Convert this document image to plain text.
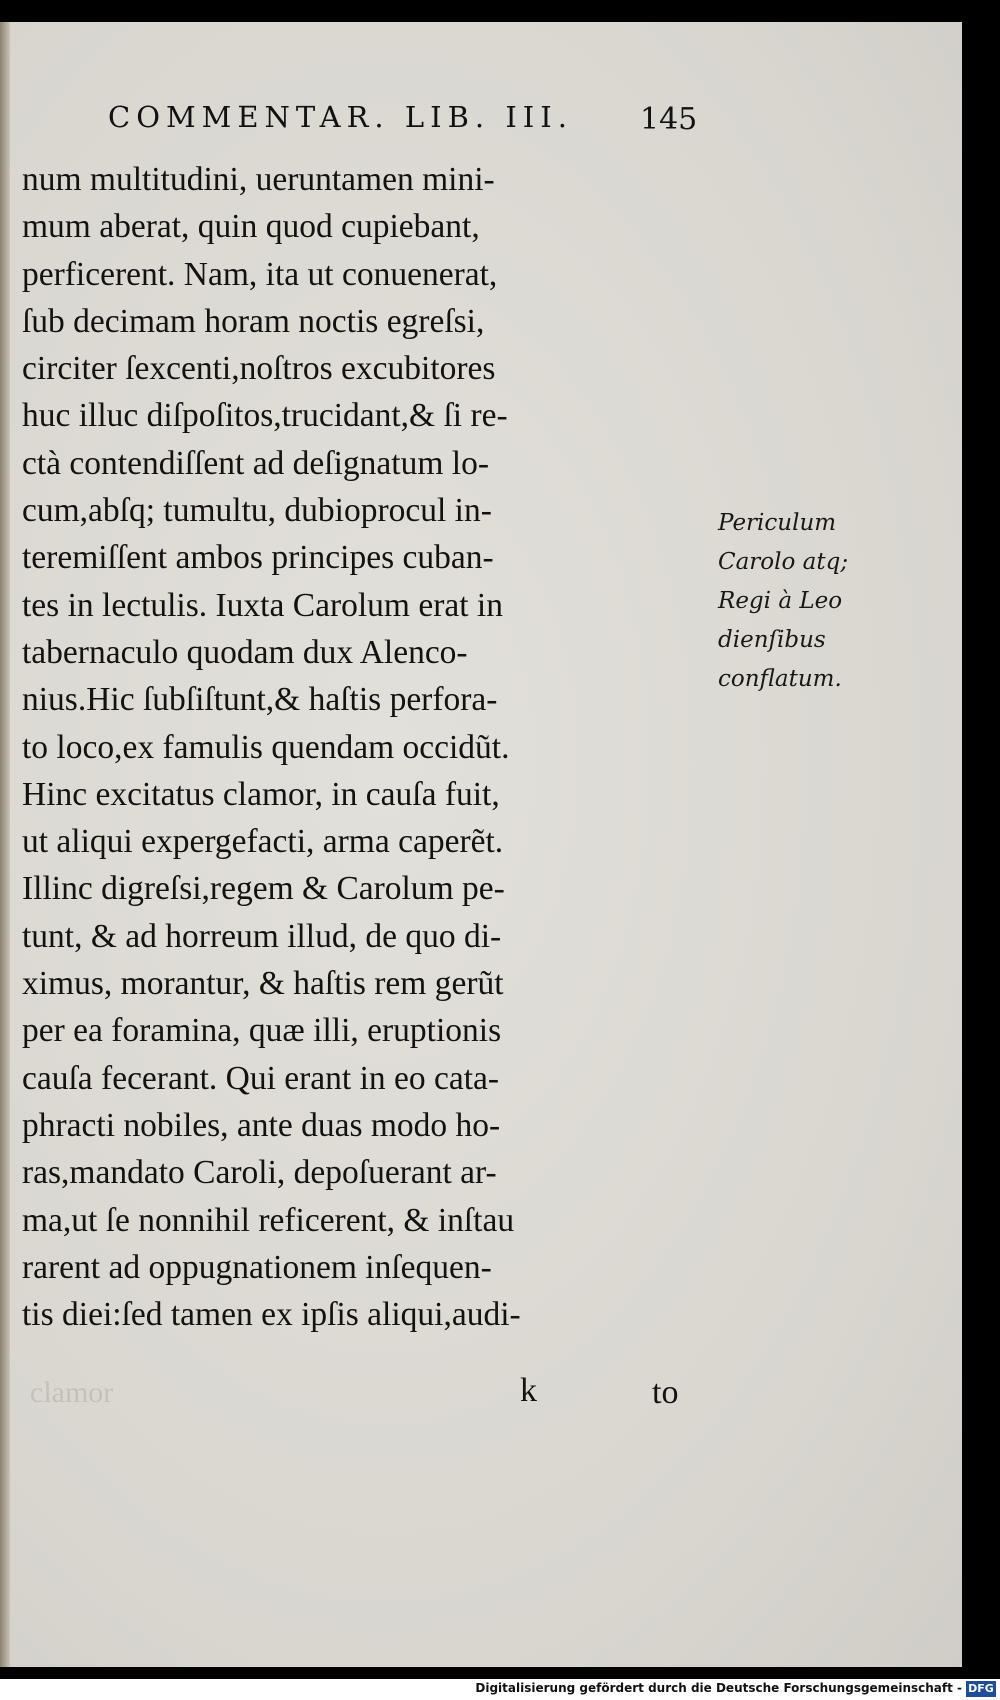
COMMENTAR. LIB. III. 145
num multitudini, ueruntamen mini-
mum aberat, quin quod cupiebant,
perficerent. Nam, ita ut conuenerat,
ſub decimam horam noctis egreſsi,
circiter ſexcenti,noſtros excubitores
huc illuc diſpoſitos,trucidant,& ſi re-
ctà contendiſſent ad deſignatum lo-
cum,abſq; tumultu, dubioprocul in-
teremiſſent ambos principes cuban-
tes in lectulis. Iuxta Carolum erat in
tabernaculo quodam dux Alenco-
nius.Hic ſubſiſtunt,& haſtis perfora-
to loco,ex famulis quendam occidũt.
Hinc excitatus clamor, in cauſa fuit,
ut aliqui expergefacti, arma caperẽt.
Illinc digreſsi,regem & Carolum pe-
tunt, & ad horreum illud, de quo di-
ximus, morantur, & haſtis rem gerũt
per ea foramina, quæ illi, eruptionis
cauſa fecerant. Qui erant in eo cata-
phracti nobiles, ante duas modo ho-
ras,mandato Caroli, depoſuerant ar-
ma,ut ſe nonnihil reficerent, & inſtau
rarent ad oppugnationem inſequen-
tis diei:ſed tamen ex ipſis aliqui,audi-
Periculum
Carolo atq;
Regi à Leo
dienſibus
conflatum.
clamor	k	to
Digitalisierung gefördert durch die Deutsche Forschungsgemeinschaft - DFG
